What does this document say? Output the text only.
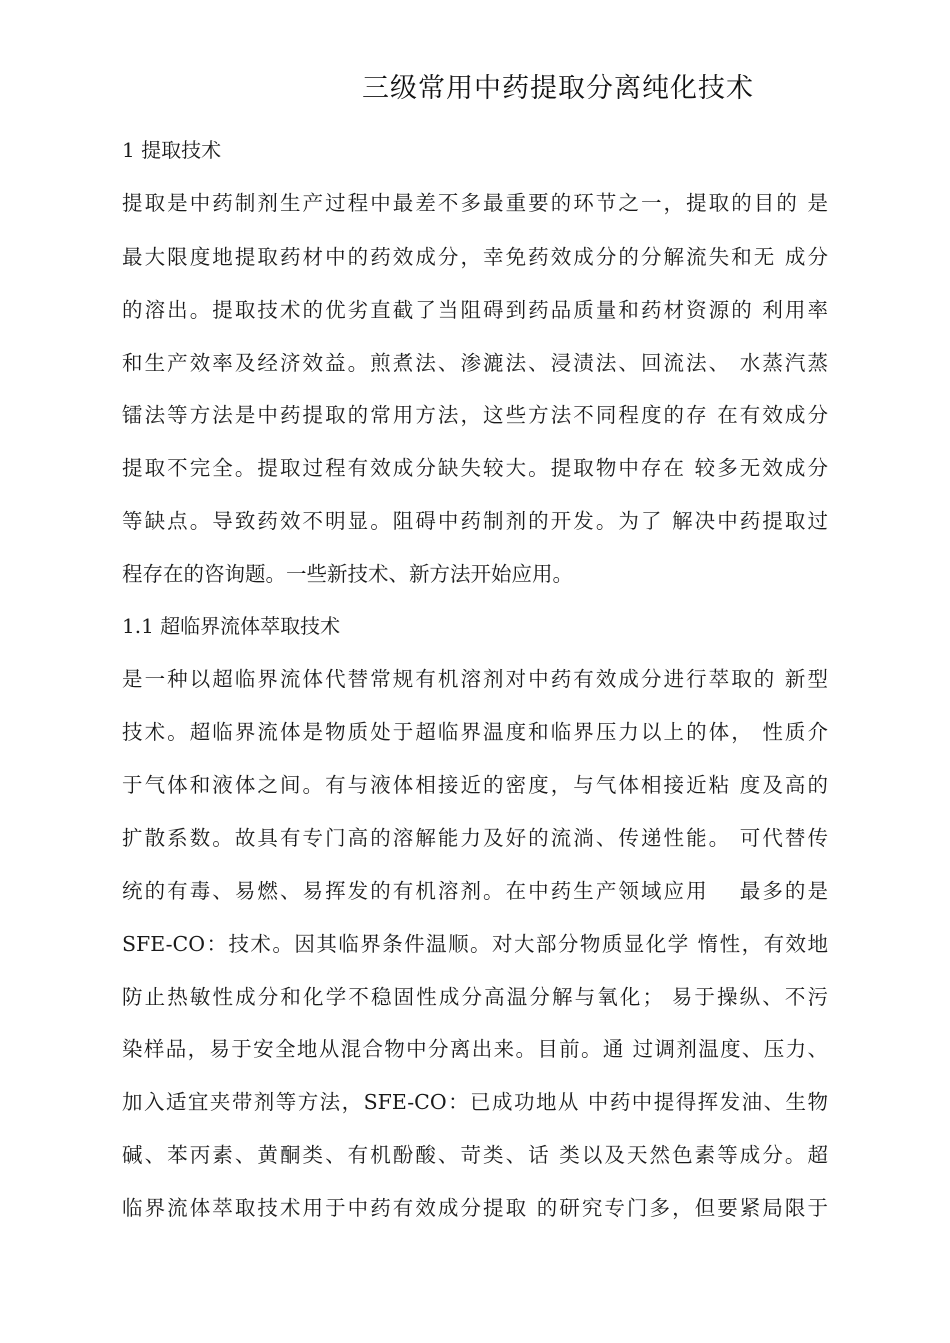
三级常用中药提取分离纯化技术
1 提取技术
提取是中药制剂生产过程中最差不多最重要的环节之一，提取的目的 是
最大限度地提取药材中的药效成分，幸免药效成分的分解流失和无 成分
的溶出。提取技术的优劣直截了当阻碍到药品质量和药材资源的 利用率
和生产效率及经济效益。煎煮法、渗漉法、浸渍法、回流法、 水蒸汽蒸
镭法等方法是中药提取的常用方法，这些方法不同程度的存 在有效成分
提取不完全。提取过程有效成分缺失较大。提取物中存在 较多无效成分
等缺点。导致药效不明显。阻碍中药制剂的开发。为了 解决中药提取过
程存在的咨询题。一些新技术、新方法开始应用。
1.1 超临界流体萃取技术
是一种以超临界流体代替常规有机溶剂对中药有效成分进行萃取的 新型
技术。超临界流体是物质处于超临界温度和临界压力以上的体， 性质介
于气体和液体之间。有与液体相接近的密度，与气体相接近粘 度及高的
扩散系数。故具有专门高的溶解能力及好的流淌、传递性能。 可代替传
统的有毒、易燃、易挥发的有机溶剂。在中药生产领域应用　 最多的是
SFE-CO：技术。因其临界条件温顺。对大部分物质显化学 惰性，有效地
防止热敏性成分和化学不稳固性成分高温分解与氧化； 易于操纵、不污
染样品，易于安全地从混合物中分离出来。目前。通 过调剂温度、压力、
加入适宜夹带剂等方法，SFE-CO：已成功地从 中药中提得挥发油、生物
碱、苯丙素、黄酮类、有机酚酸、苛类、话 类以及天然色素等成分。超
临界流体萃取技术用于中药有效成分提取 的研究专门多，但要紧局限于
